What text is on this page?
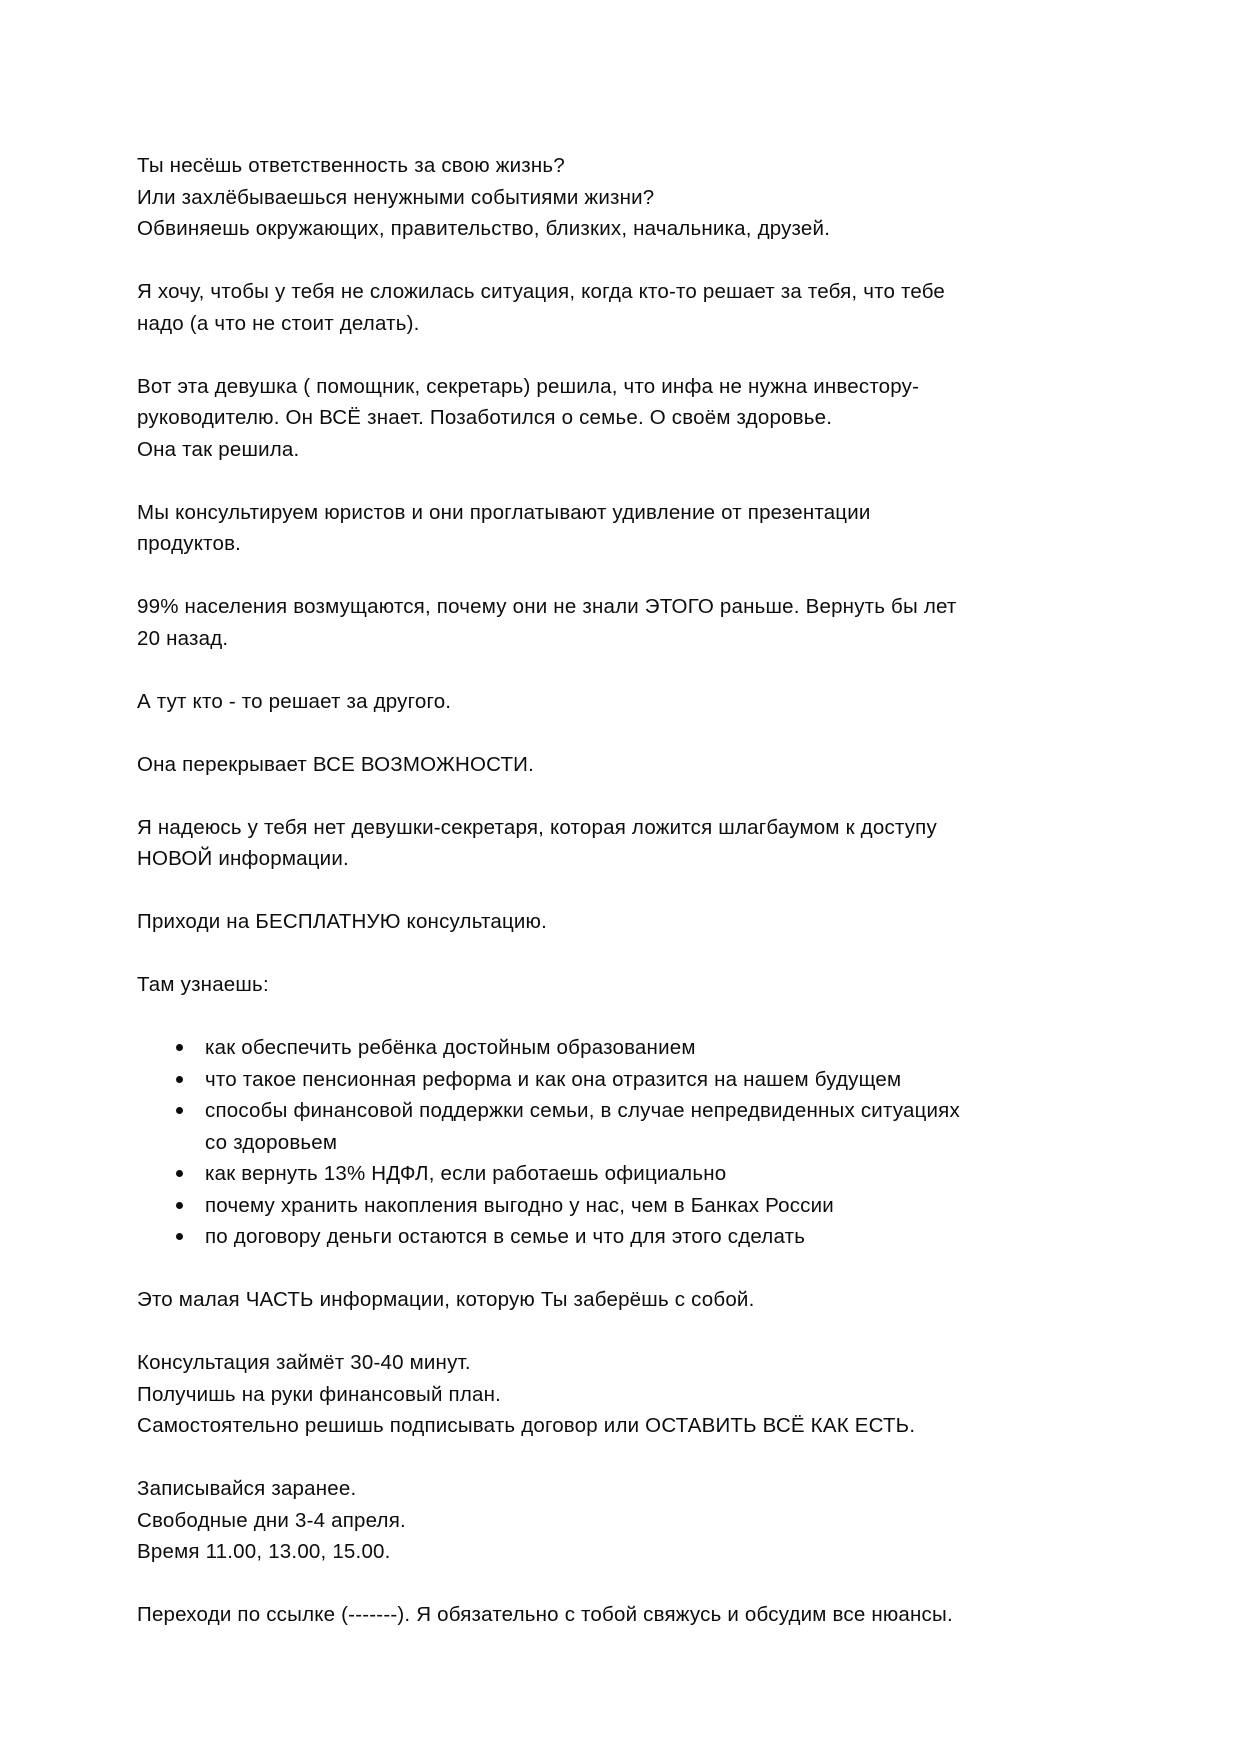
Ты несёшь ответственность за свою жизнь?
Или захлёбываешься ненужными событиями жизни?
Обвиняешь окружающих, правительство, близких, начальника, друзей.

Я хочу, чтобы у тебя не сложилась ситуация, когда кто-то решает за тебя, что тебе надо (а что не стоит делать).

Вот эта девушка ( помощник, секретарь) решила, что инфа не нужна инвестору-руководителю. Он ВСЁ знает. Позаботился о семье. О своём здоровье.
Она так решила.

Мы консультируем юристов и они проглатывают удивление от презентации продуктов.

99% населения возмущаются, почему они не знали ЭТОГО раньше. Вернуть бы лет 20 назад.

А тут кто - то решает за другого.

Она перекрывает ВСЕ ВОЗМОЖНОСТИ.

Я надеюсь у тебя нет девушки-секретаря, которая ложится шлагбаумом к доступу НОВОЙ информации.

Приходи на БЕСПЛАТНУЮ консультацию.

Там узнаешь:

как обеспечить ребёнка достойным образованием
что такое пенсионная реформа и как она отразится на нашем будущем
способы финансовой поддержки семьи, в случае непредвиденных ситуациях со здоровьем
как вернуть 13% НДФЛ, если работаешь официально
почему хранить накопления выгодно у нас, чем в Банках России
по договору деньги остаются в семье и что для этого сделать

Это малая ЧАСТЬ информации, которую Ты заберёшь с собой.

Консультация займёт 30-40 минут.
Получишь на руки финансовый план.
Самостоятельно решишь подписывать договор или ОСТАВИТЬ ВСЁ КАК ЕСТЬ.

Записывайся заранее.
Свободные дни 3-4 апреля.
Время 11.00, 13.00, 15.00.

Переходи по ссылке (-------). Я обязательно с тобой свяжусь и обсудим все нюансы.
